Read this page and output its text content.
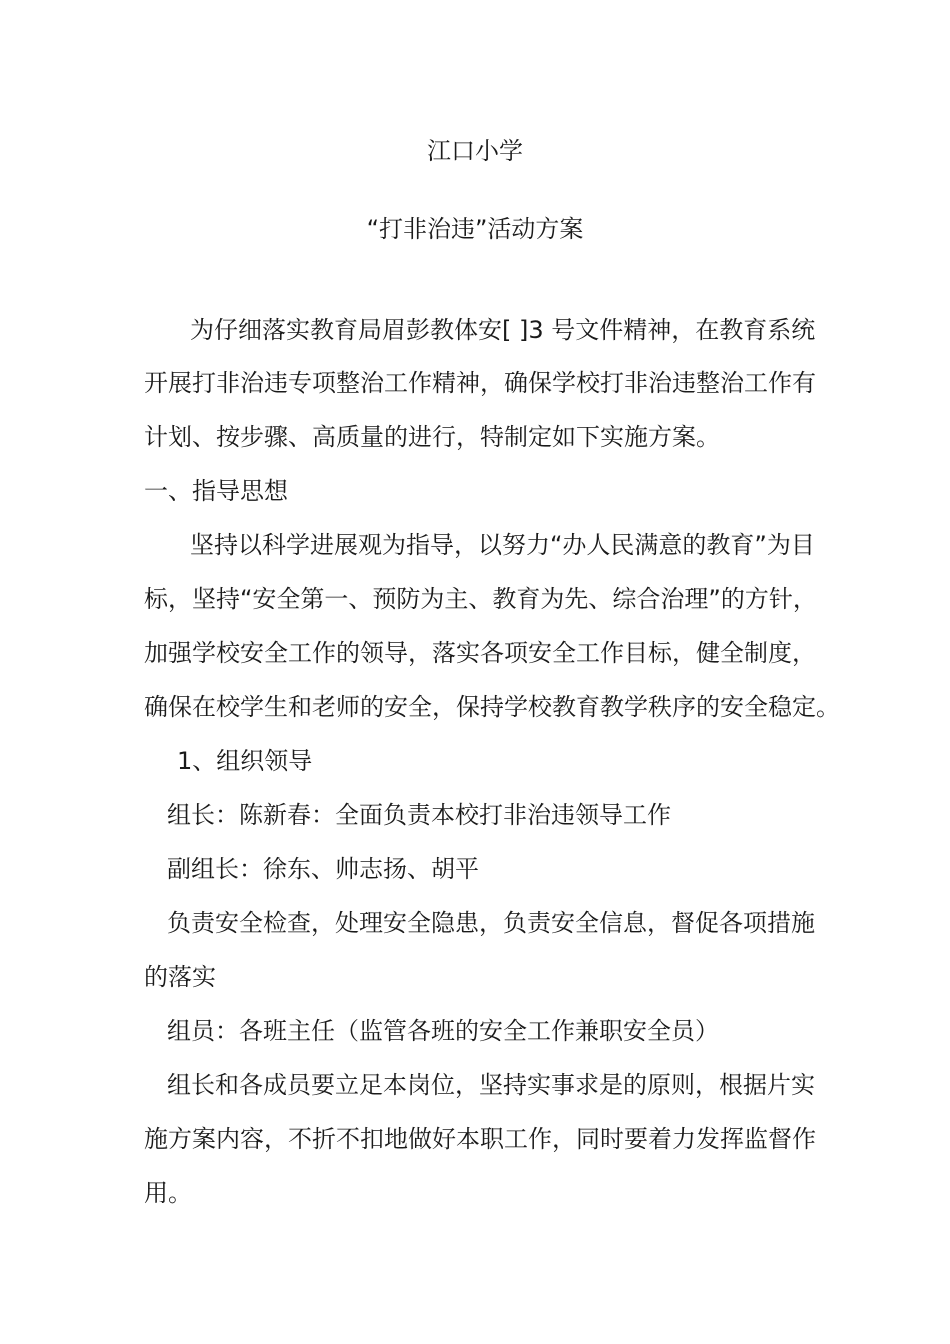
江口小学
“打非治违”活动方案
为仔细落实教育局眉彭教体安[ ]3 号文件精神，在教育系统
开展打非治违专项整治工作精神，确保学校打非治违整治工作有
计划、按步骤、高质量的进行，特制定如下实施方案。
一、指导思想
坚持以科学进展观为指导，以努力“办人民满意的教育”为目
标，坚持“安全第一、预防为主、教育为先、综合治理”的方针，
加强学校安全工作的领导，落实各项安全工作目标，健全制度，
确保在校学生和老师的安全，保持学校教育教学秩序的安全稳定。
1、组织领导
组长：陈新春：全面负责本校打非治违领导工作
副组长：徐东、帅志扬、胡平
负责安全检查，处理安全隐患，负责安全信息，督促各项措施
的落实
组员：各班主任（监管各班的安全工作兼职安全员）
组长和各成员要立足本岗位，坚持实事求是的原则，根据片实
施方案内容，不折不扣地做好本职工作，同时要着力发挥监督作
用。
